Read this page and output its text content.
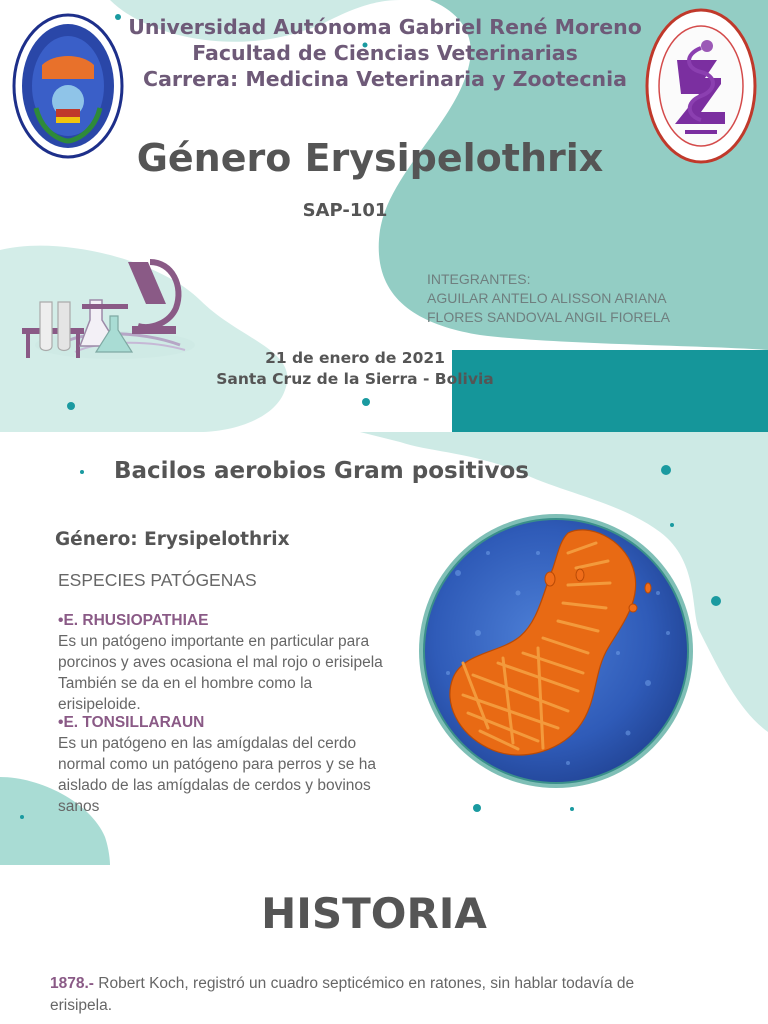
Universidad Autónoma Gabriel René Moreno
Facultad de Ciencias Veterinarias
Carrera: Medicina Veterinaria y Zootecnia
Género Erysipelothrix
SAP-101
INTEGRANTES:
AGUILAR ANTELO ALISSON ARIANA
FLORES SANDOVAL ANGIL FIORELA
21 de enero de 2021
Santa Cruz de la Sierra - Bolivia
Bacilos aerobios Gram positivos
Género: Erysipelothrix
ESPECIES PATÓGENAS
•E. RHUSIOPATHIAE
Es un patógeno importante en particular para
porcinos y aves ocasiona el mal rojo o erisipela
También se da en el hombre como la
erisipeloide.
•E. TONSILLARAUN
Es un patógeno en las amígdalas del cerdo
normal como un patógeno para perros y se ha
aislado de las amígdalas de cerdos y bovinos
sanos
HISTORIA
1878.- Robert Koch, registró un cuadro septicémico en ratones, sin hablar todavía de
erisipela.
